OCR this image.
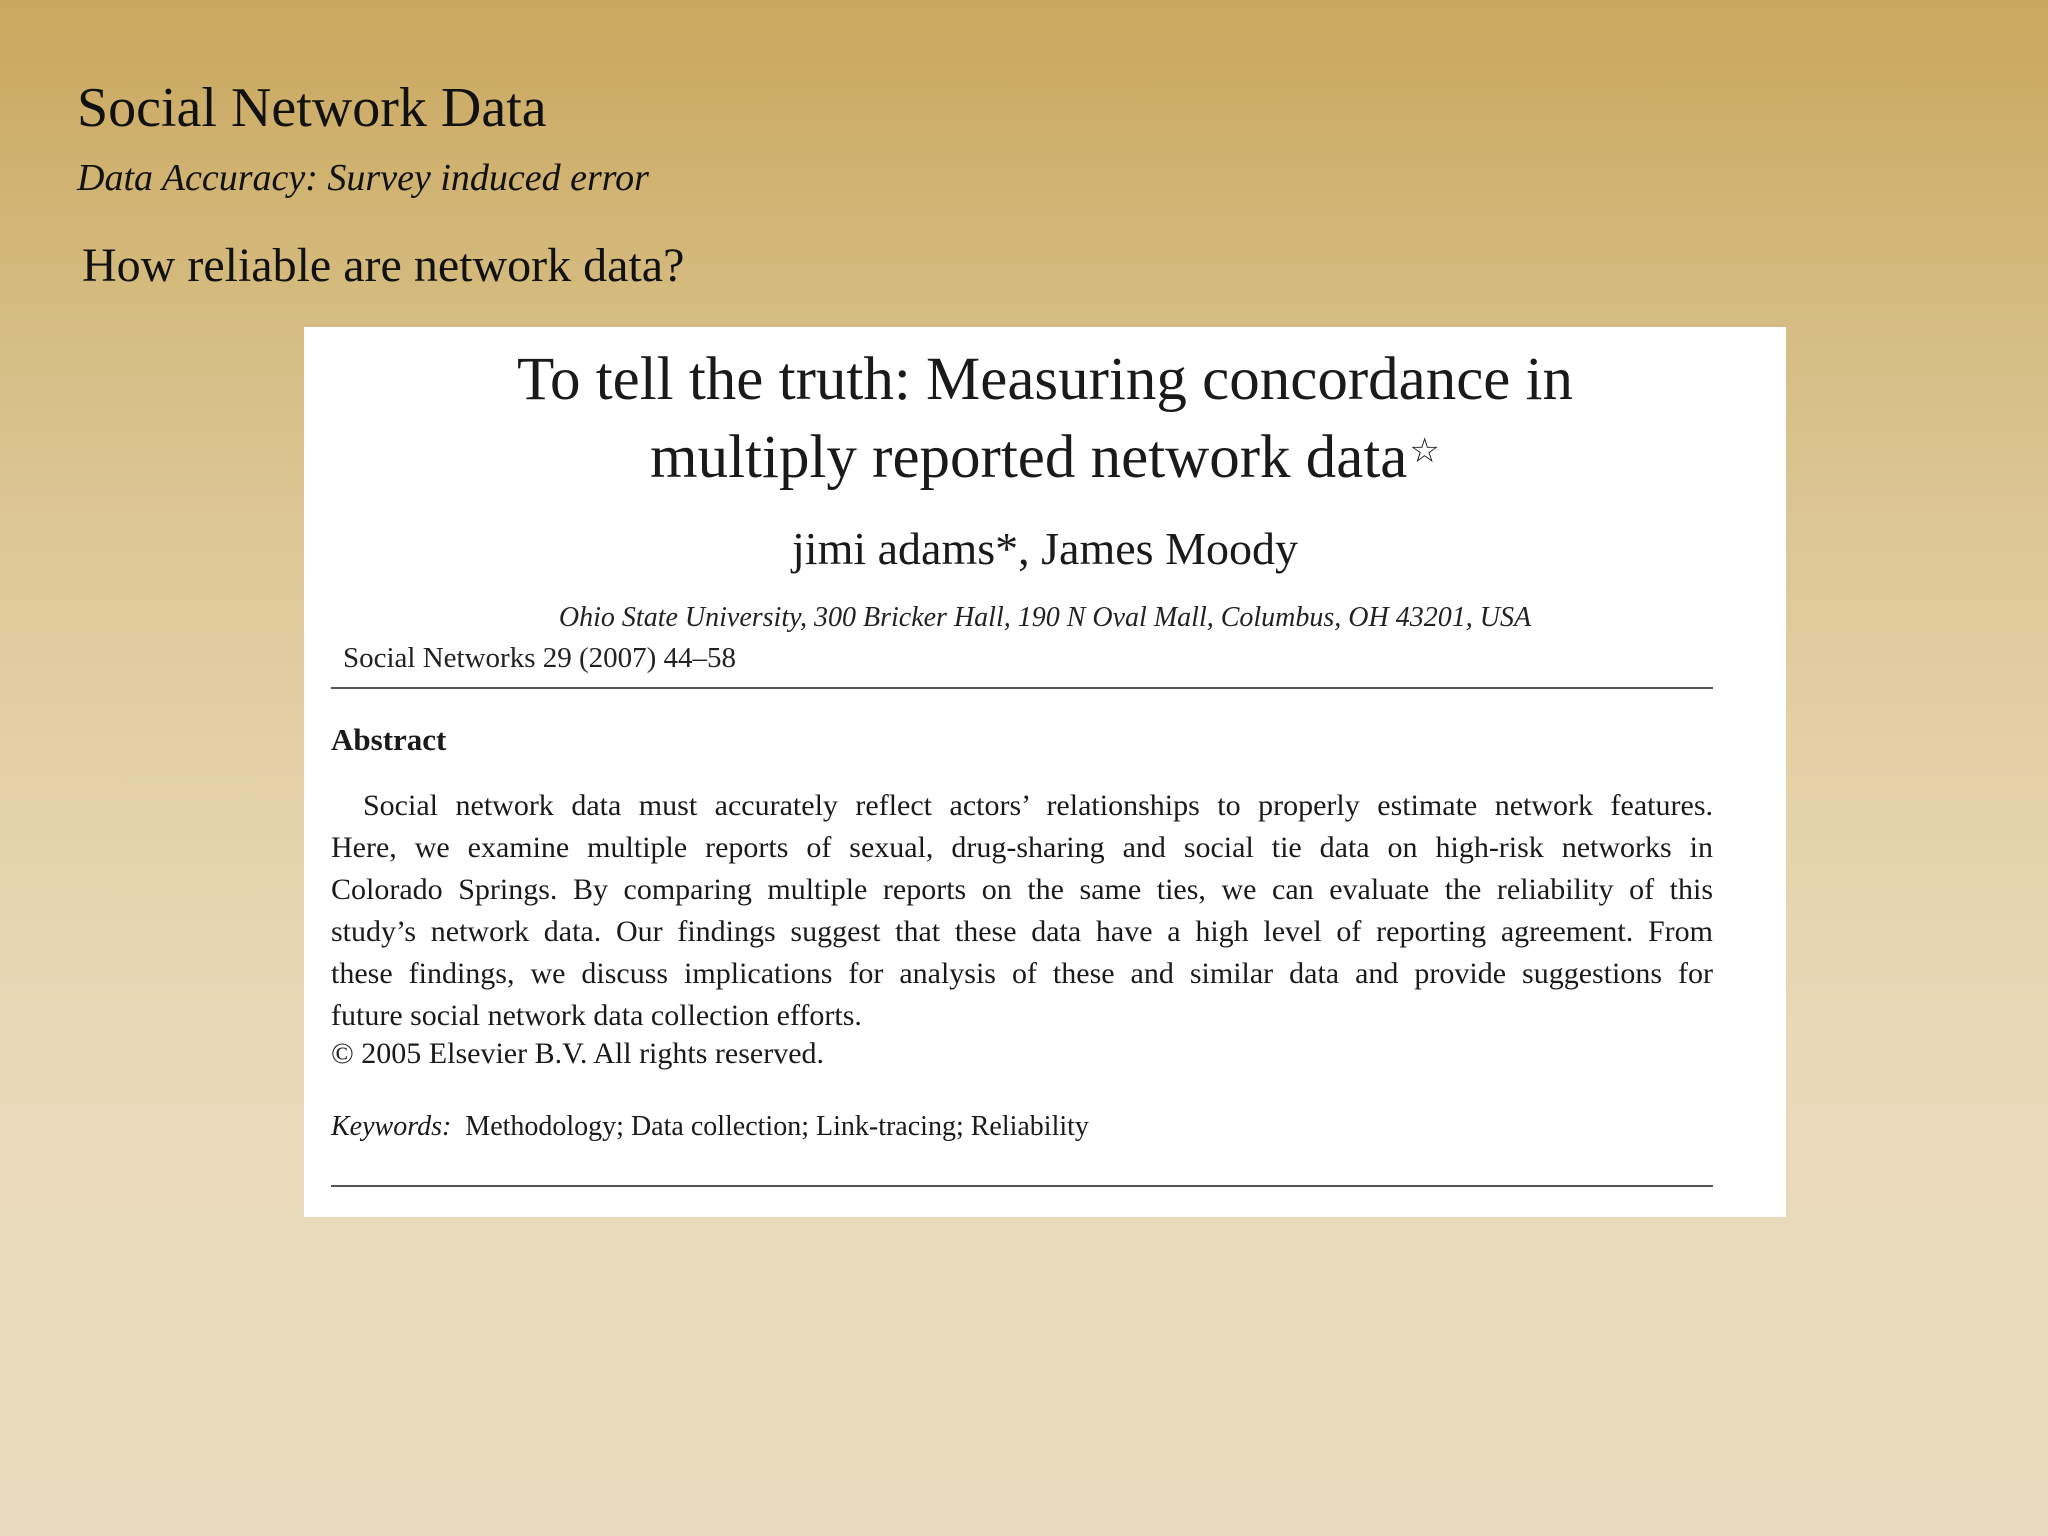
Social Network Data
Data Accuracy: Survey induced error
How reliable are network data?
To tell the truth: Measuring concordance in
multiply reported network data☆
jimi adams*, James Moody
Ohio State University, 300 Bricker Hall, 190 N Oval Mall, Columbus, OH 43201, USA
Social Networks 29 (2007) 44–58
Abstract
Social network data must accurately reflect actors’ relationships to properly estimate network features.
Here, we examine multiple reports of sexual, drug-sharing and social tie data on high-risk networks in
Colorado Springs. By comparing multiple reports on the same ties, we can evaluate the reliability of this
study’s network data. Our findings suggest that these data have a high level of reporting agreement. From
these findings, we discuss implications for analysis of these and similar data and provide suggestions for
future social network data collection efforts.
© 2005 Elsevier B.V. All rights reserved.
Keywords: Methodology; Data collection; Link-tracing; Reliability
